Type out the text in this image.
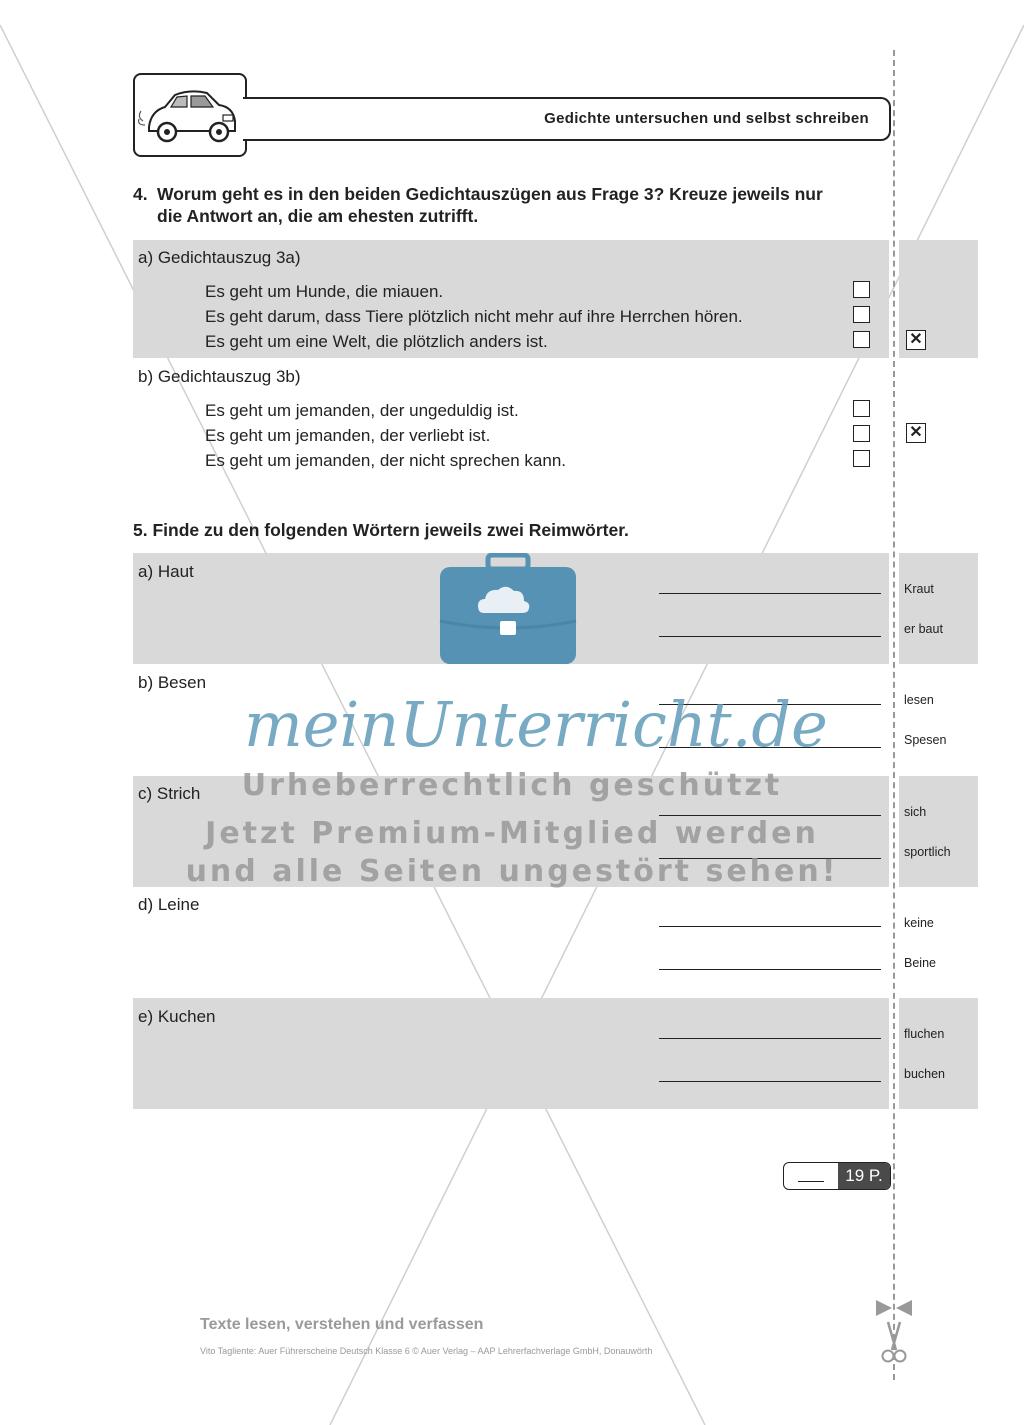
Gedichte untersuchen und selbst schreiben
4. Worum geht es in den beiden Gedichtauszügen aus Frage 3? Kreuze jeweils nur
die Antwort an, die am ehesten zutrifft.
a) Gedichtauszug 3a)
Es geht um Hunde, die miauen.
Es geht darum, dass Tiere plötzlich nicht mehr auf ihre Herrchen hören.
Es geht um eine Welt, die plötzlich anders ist.	✕
b) Gedichtauszug 3b)
Es geht um jemanden, der ungeduldig ist.
Es geht um jemanden, der verliebt ist.
Es geht um jemanden, der nicht sprechen kann.
✕
5. Finde zu den folgenden Wörtern jeweils zwei Reimwörter.
a) Haut
Kraut
er baut
b) Besen
lesen
Spesen
c) Strich
sich
sportlich
d) Leine
keine
Beine
e) Kuchen
fluchen
buchen
meinUnterricht.de
Urheberrechtlich geschützt
Jetzt Premium-Mitglied werden
und alle Seiten ungestört sehen!
19 P.
Texte lesen, verstehen und verfassen
Vito Tagliente: Auer Führerscheine Deutsch Klasse 6 © Auer Verlag – AAP Lehrerfachverlage GmbH, Donauwörth
